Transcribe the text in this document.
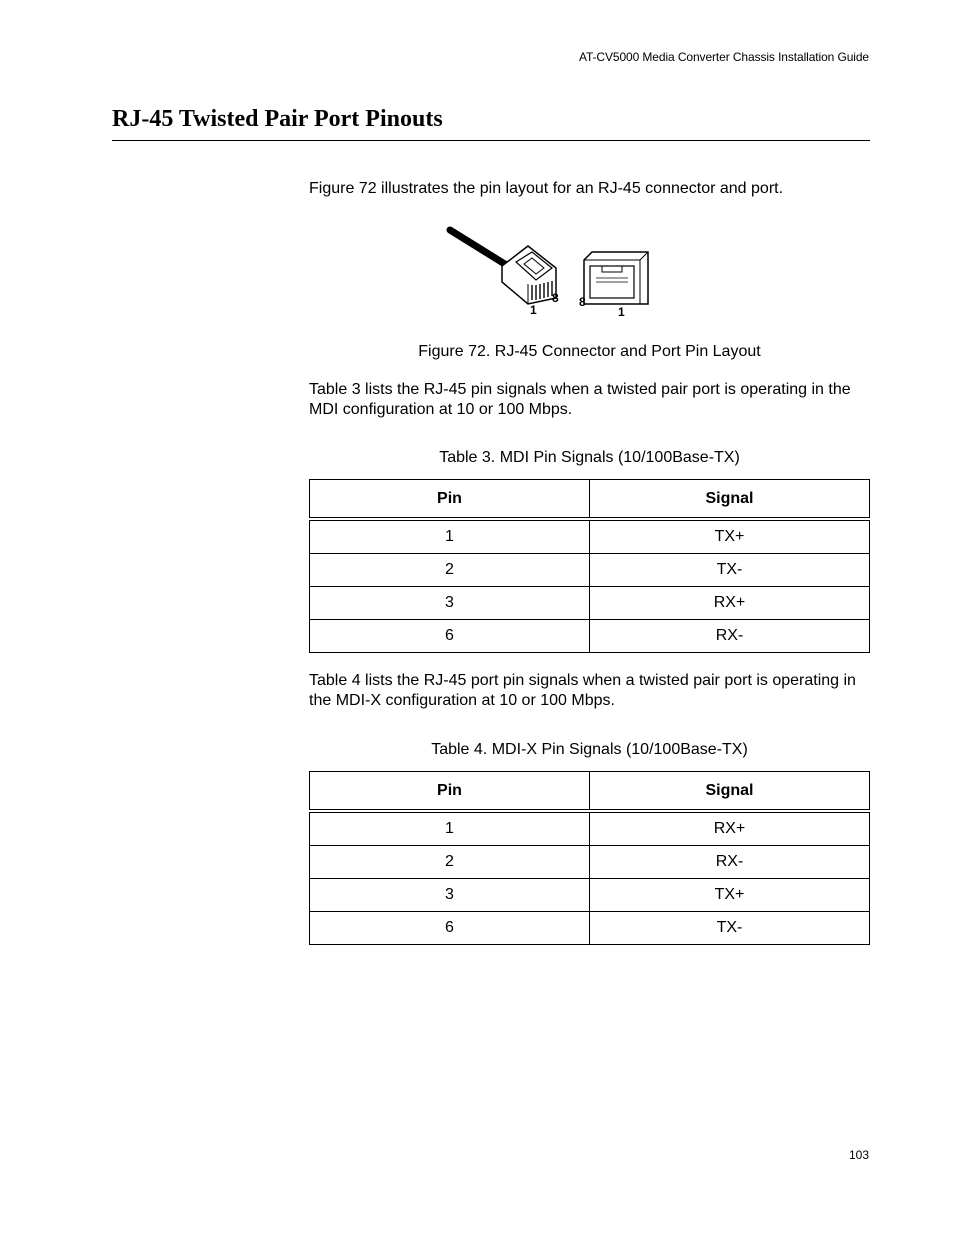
AT-CV5000 Media Converter Chassis Installation Guide
RJ-45 Twisted Pair Port Pinouts

Figure 72 illustrates the pin layout for an RJ-45 connector and port.

1
8 8
1

Figure 72. RJ-45 Connector and Port Pin Layout

Table 3 lists the RJ-45 pin signals when a twisted pair port is operating in the MDI configuration at 10 or 100 Mbps.

Table 3. MDI Pin Signals (10/100Base-TX)

Pin	Signal
1	TX+
2	TX-
3	RX+
6	RX-

Table 4 lists the RJ-45 port pin signals when a twisted pair port is operating in the MDI-X configuration at 10 or 100 Mbps.

Table 4. MDI-X Pin Signals (10/100Base-TX)

Pin	Signal
1	RX+
2	RX-
3	TX+
6	TX-
103
